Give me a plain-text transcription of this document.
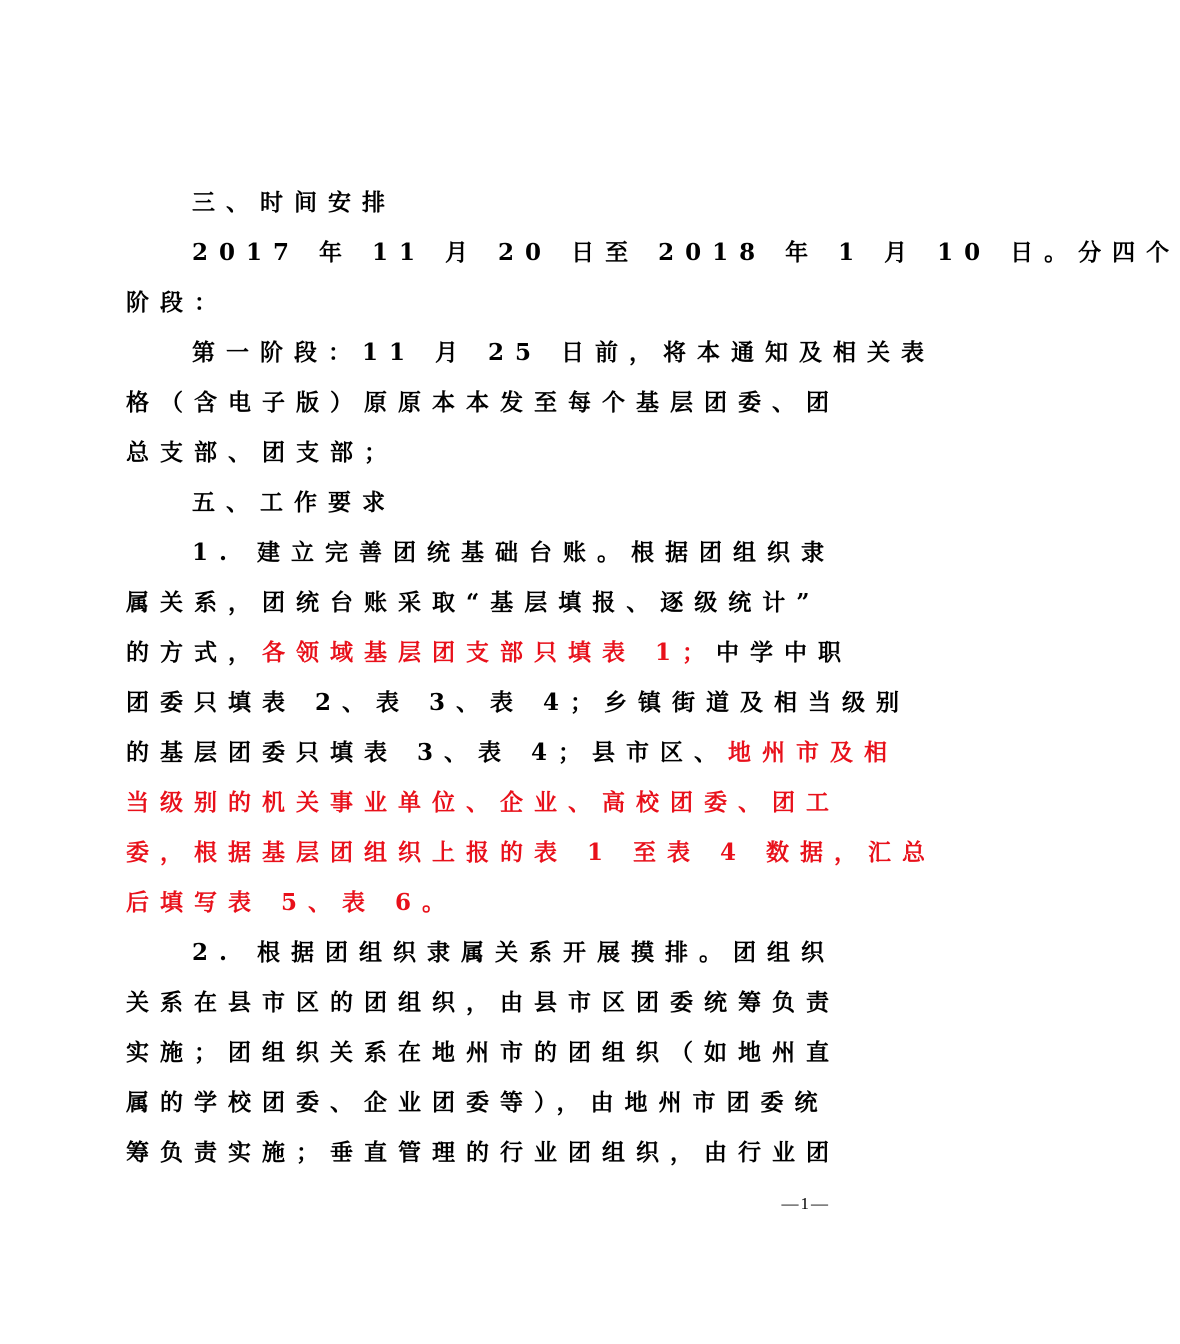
三、时间安排
2017 年 11 月 20 日至 2018 年 1 月 10 日。分四个
阶段：
第一阶段：11 月 25 日前，将本通知及相关表
格（含电子版）原原本本发至每个基层团委、团
总支部、团支部；
五、工作要求
1. 建立完善团统基础台账。根据团组织隶
属关系，团统台账采取“基层填报、逐级统计”
的方式，各领域基层团支部只填表 1；中学中职
团委只填表 2、表 3、表 4；乡镇街道及相当级别
的基层团委只填表 3、表 4；县市区、地州市及相
当级别的机关事业单位、企业、高校团委、团工
委，根据基层团组织上报的表 1 至表 4 数据，汇总
后填写表 5、表 6。
2. 根据团组织隶属关系开展摸排。团组织
关系在县市区的团组织，由县市区团委统筹负责
实施；团组织关系在地州市的团组织（如地州直
属的学校团委、企业团委等），由地州市团委统
筹负责实施；垂直管理的行业团组织，由行业团
—1—
